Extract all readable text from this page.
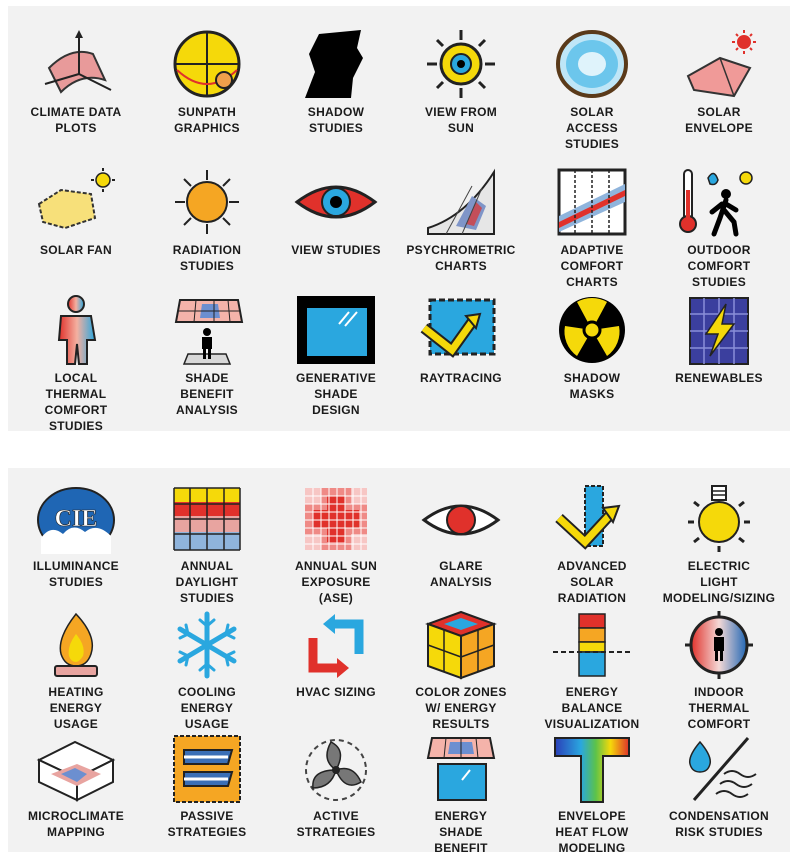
CLIMATE DATA
PLOTS
SUNPATH
GRAPHICS
SHADOW
STUDIES
VIEW FROM
SUN
SOLAR
ACCESS
STUDIES
SOLAR
ENVELOPE
SOLAR FAN	RADIATION
STUDIES
VIEW STUDIES	PSYCHROMETRIC
CHARTS
ADAPTIVE
COMFORT
CHARTS
OUTDOOR
COMFORT
STUDIES
LOCAL
THERMAL
COMFORT
STUDIES
SHADE
BENEFIT
ANALYSIS
GENERATIVE
SHADE
DESIGN
RAYTRACING	SHADOW
MASKS
RENEWABLES
CIE
ILLUMINANCE
STUDIES
ANNUAL
DAYLIGHT
STUDIES
ANNUAL SUN
EXPOSURE
(ASE)
GLARE
ANALYSIS
ADVANCED
SOLAR
RADIATION
ELECTRIC
LIGHT
MODELING/SIZING
HEATING
ENERGY
USAGE
COOLING
ENERGY
USAGE
HVAC SIZING	COLOR ZONES
W/ ENERGY
RESULTS
ENERGY
BALANCE
VISUALIZATION
INDOOR
THERMAL
COMFORT
MICROCLIMATE
MAPPING
PASSIVE
STRATEGIES
ACTIVE
STRATEGIES
ENERGY
SHADE
BENEFIT
ENVELOPE
HEAT FLOW
MODELING
CONDENSATION
RISK STUDIES
